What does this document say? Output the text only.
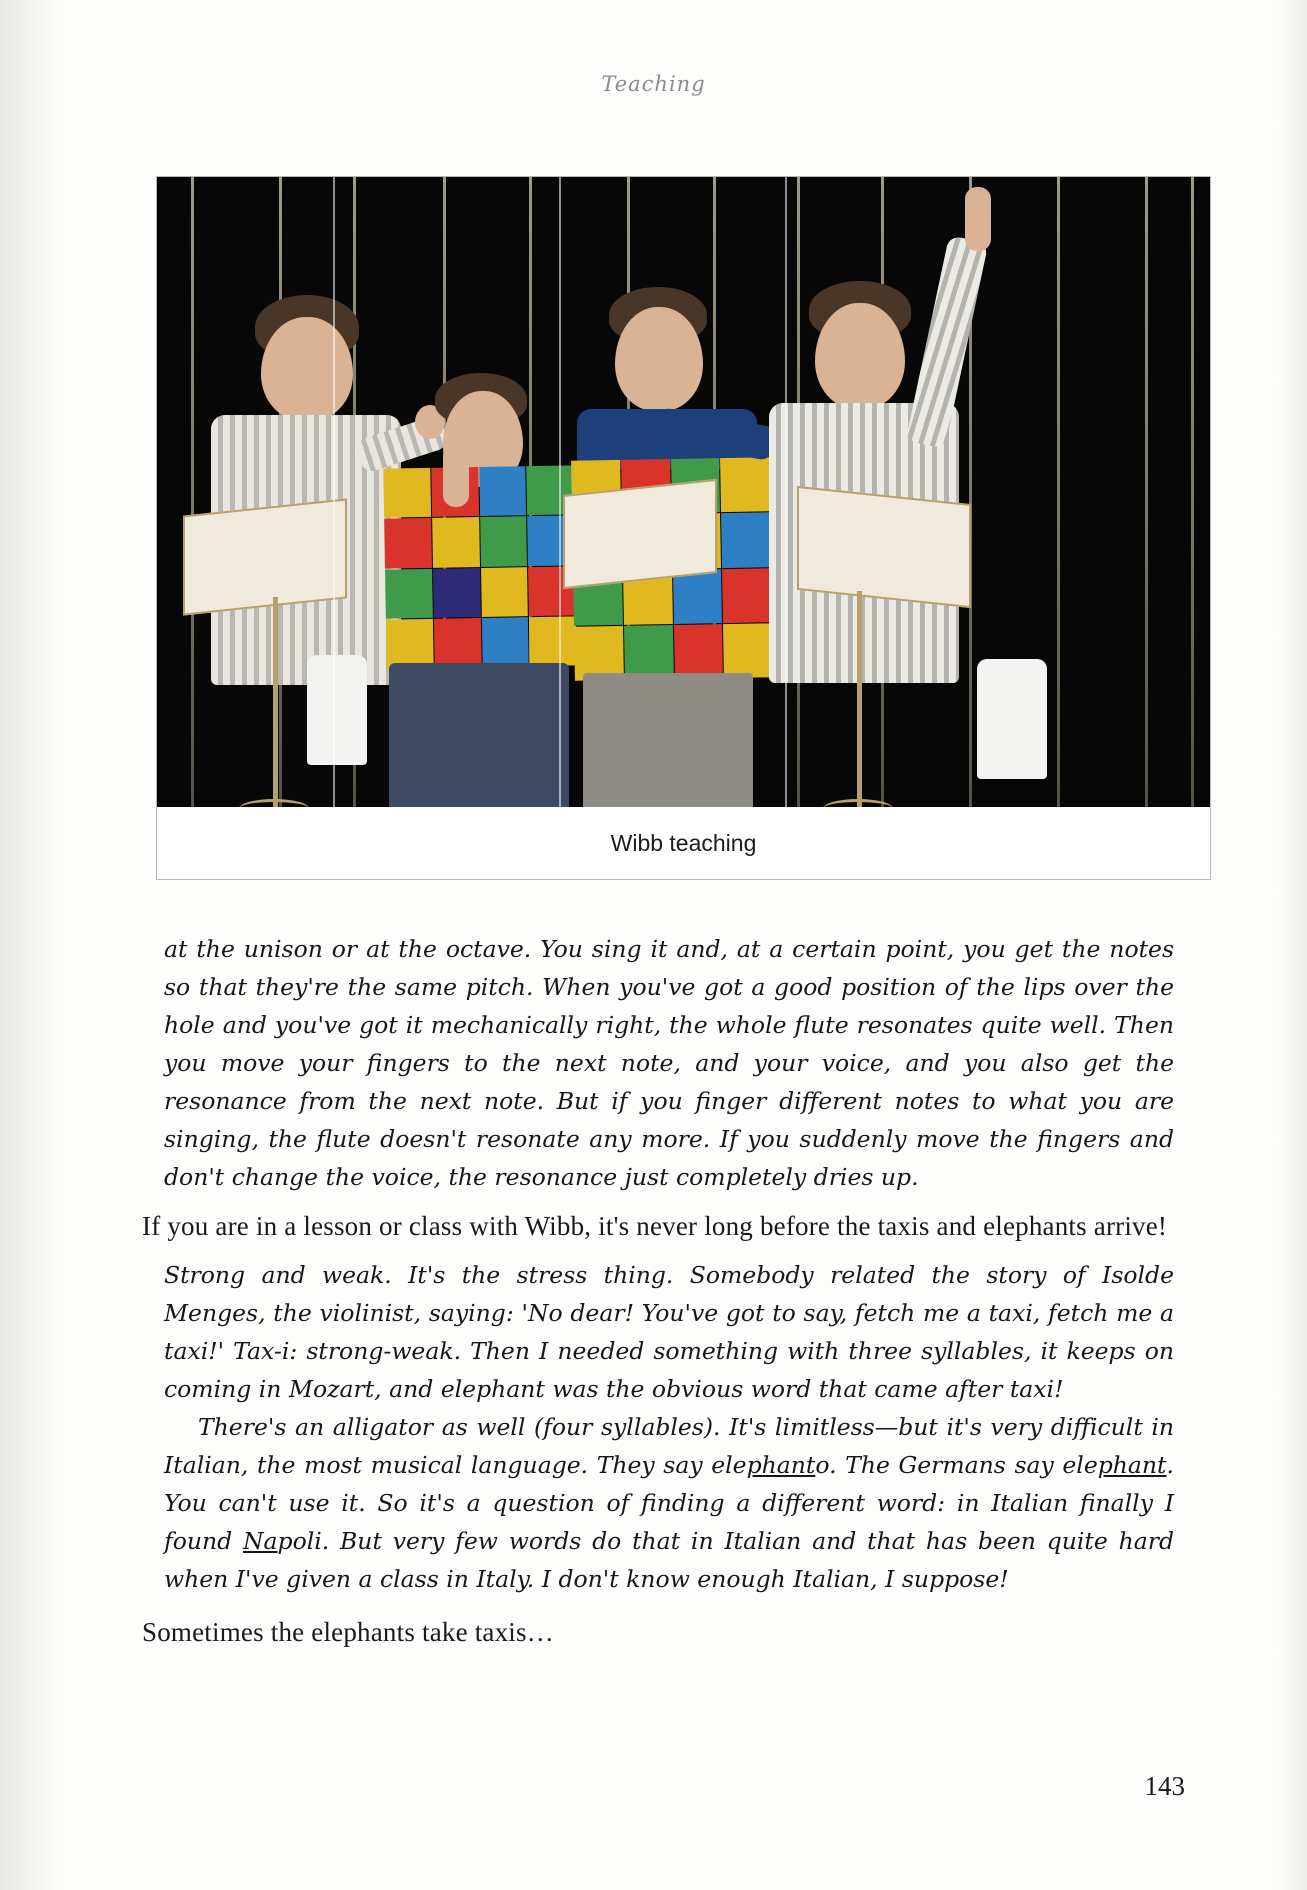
Teaching
Wibb teaching

at the unison or at the octave. You sing it and, at a certain point, you get the notes so that they're the same pitch. When you've got a good position of the lips over the hole and you've got it mechanically right, the whole flute resonates quite well. Then you move your fingers to the next note, and your voice, and you also get the resonance from the next note. But if you finger different notes to what you are singing, the flute doesn't resonate any more. If you suddenly move the fingers and don't change the voice, the resonance just completely dries up.

If you are in a lesson or class with Wibb, it's never long before the taxis and elephants arrive!

Strong and weak. It's the stress thing. Somebody related the story of Isolde Menges, the violinist, saying: 'No dear! You've got to say, fetch me a taxi, fetch me a taxi!' Tax-i: strong-weak. Then I needed something with three syllables, it keeps on coming in Mozart, and elephant was the obvious word that came after taxi!

There's an alligator as well (four syllables). It's limitless—but it's very difficult in Italian, the most musical language. They say elephanto. The Germans say elephant. You can't use it. So it's a question of finding a different word: in Italian finally I found Napoli. But very few words do that in Italian and that has been quite hard when I've given a class in Italy. I don't know enough Italian, I suppose!

Sometimes the elephants take taxis…

143
